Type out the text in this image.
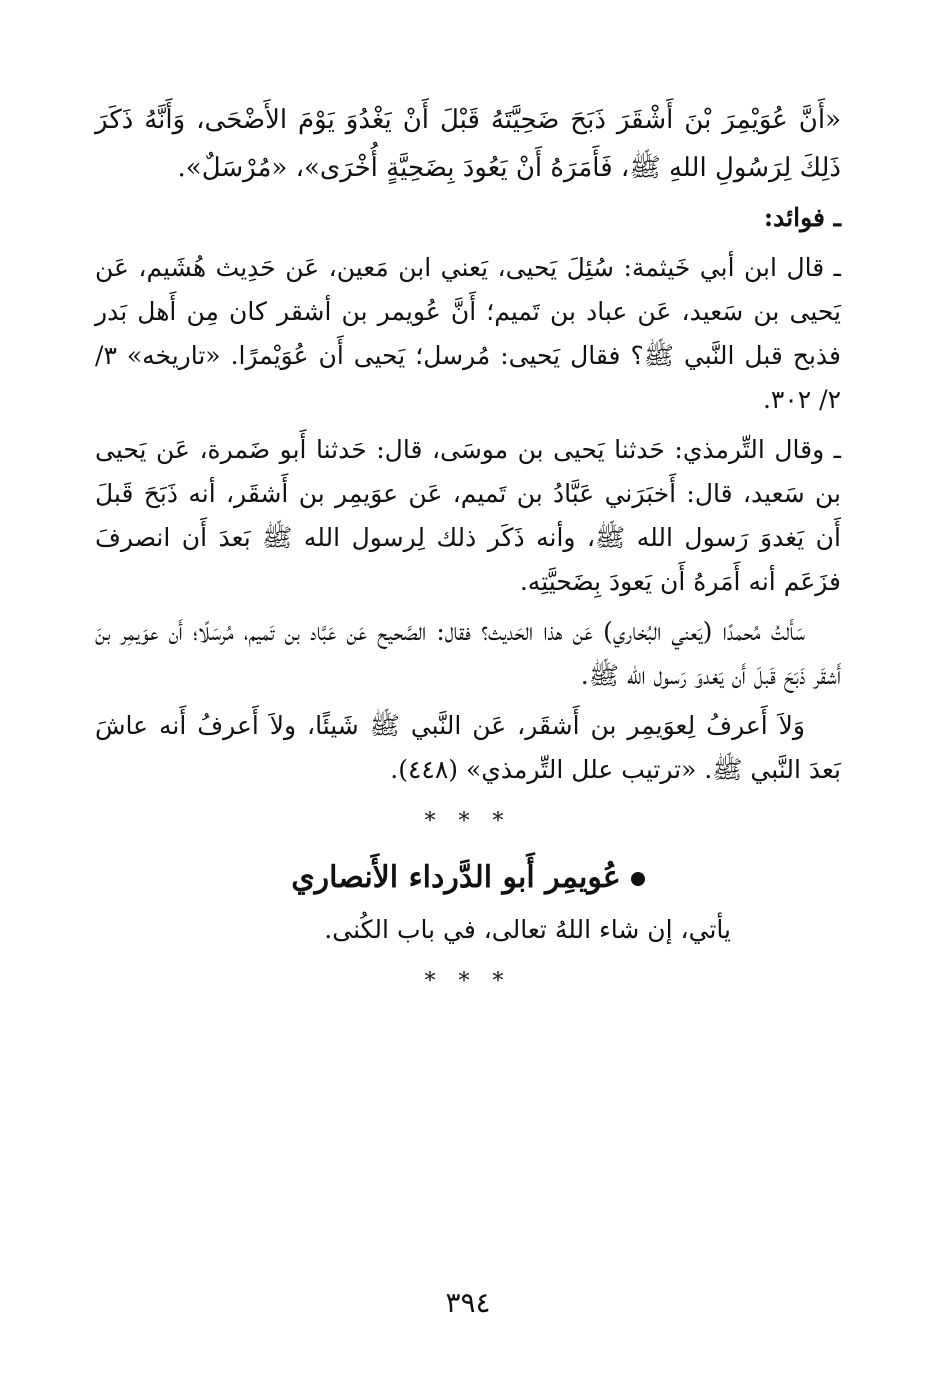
«أَنَّ عُوَيْمِرَ بْنَ أَشْقَرَ ذَبَحَ ضَحِيَّتَهُ قَبْلَ أَنْ يَغْدُوَ يَوْمَ الأَضْحَى، وَأَنَّهُ ذَكَرَ ذَلِكَ لِرَسُولِ اللهِ ﷺ، فَأَمَرَهُ أَنْ يَعُودَ بِضَحِيَّةٍ أُخْرَى»، «مُرْسَلٌ».

ـ فوائد:

ـ قال ابن أبي خَيثمة: سُئِلَ يَحيى، يَعني ابن مَعين، عَن حَدِيث هُشَيم، عَن يَحيى بن سَعيد، عَن عباد بن تَميم؛ أَنَّ عُويمر بن أشقر كان مِن أَهل بَدر فذبح قبل النَّبي ﷺ؟ فقال يَحيى: مُرسل؛ يَحيى أَن عُوَيْمرًا. «تاريخه» ٣/ ٢/ ٣٠٢.

ـ وقال التِّرمذي: حَدثنا يَحيى بن موسَى، قال: حَدثنا أَبو ضَمرة، عَن يَحيى بن سَعيد، قال: أَخبَرَني عَبَّادُ بن تَميم، عَن عوَيمِر بن أَشقَر، أنه ذَبَحَ قَبلَ أَن يَغدوَ رَسول الله ﷺ، وأنه ذَكَر ذلك لِرسول الله ﷺ بَعدَ أَن انصرفَ فزَعَم أنه أَمَرهُ أَن يَعودَ بِضَحيَّتِه.

سَأَلتُ مُحمدًا (يَعني البُخاري) عَن هذا الحَديث؟ فقال: الصَّحيح عَن عَبَّاد بن تَميم، مُرسَلًا؛ أَن عوَيمِر بنَ أَشقَر ذَبَحَ قَبلَ أَن يَغدوَ رَسول الله ﷺ.

وَلاَ أَعرفُ لِعوَيمِر بن أَشقَر، عَن النَّبي ﷺ شَيئًا، ولاَ أَعرفُ أَنه عاشَ بَعدَ النَّبي ﷺ. «ترتيب علل التِّرمذي» (٤٤٨).

* * *
عُويمِر أَبو الدَّرداء الأَنصاري

يأتي، إن شاء اللهُ تعالى، في باب الكُنى.

* * *
٣٩٤
